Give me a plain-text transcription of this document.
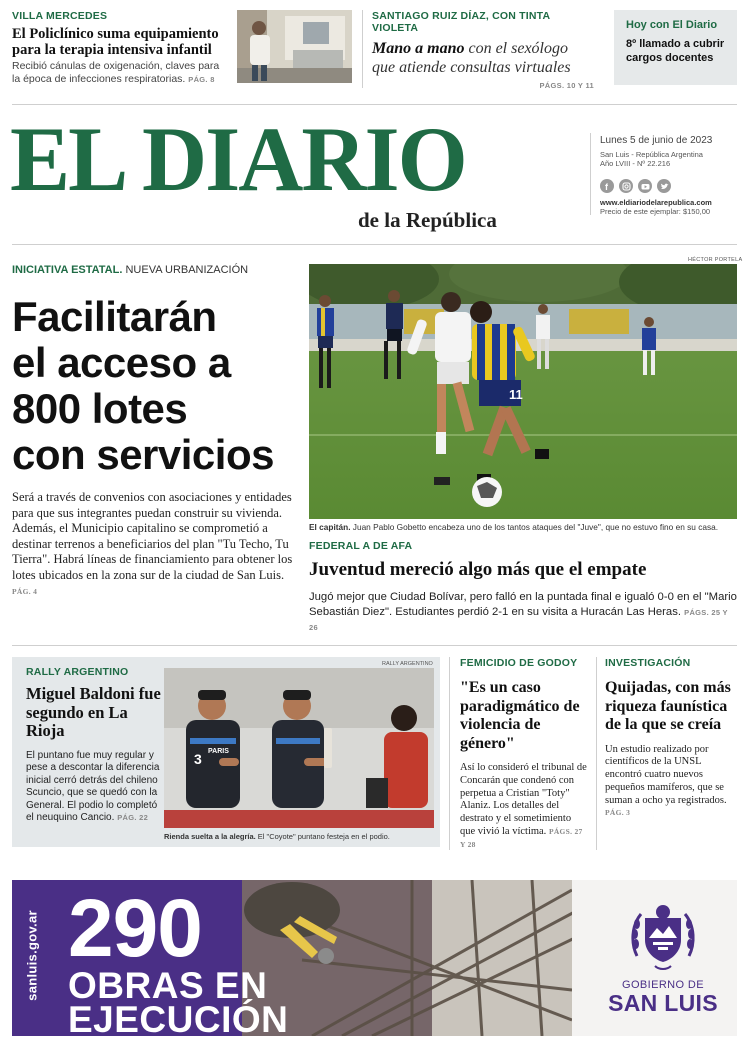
VILLA MERCEDES
El Policlínico suma equipamiento para la terapia intensiva infantil
Recibió cánulas de oxigenación, claves para la época de infecciones respiratorias. PÁG. 8
SANTIAGO RUIZ DÍAZ, CON TINTA VIOLETA
Mano a mano con el sexólogo que atiende consultas virtuales
PÁGS. 10 Y 11
Hoy con El Diario
8º llamado a cubrir cargos docentes
EL DIARIO
de la República
Lunes 5 de junio de 2023
San Luis - República Argentina
Año LVIII - Nº 22.216
f
www.eldiariodelarepublica.com
Precio de este ejemplar: $150,00
INICIATIVA ESTATAL. NUEVA URBANIZACIÓN
Facilitarán
el acceso a
800 lotes
con servicios
Será a través de convenios con asociaciones y entidades para que sus integrantes puedan construir su vivienda. Además, el Municipio capitalino se comprometió a destinar terrenos a beneficiarios del plan "Tu Techo, Tu Tierra". Habrá líneas de financiamiento para obtener los lotes ubicados en la zona sur de la ciudad de San Luis. PÁG. 4
HÉCTOR PORTELA
11
El capitán. Juan Pablo Gobetto encabeza uno de los tantos ataques del "Juve", que no estuvo fino en su casa.
FEDERAL A DE AFA
Juventud mereció algo más que el empate
Jugó mejor que Ciudad Bolívar, pero falló en la puntada final e igualó 0-0 en el "Mario Sebastián Diez". Estudiantes perdió 2-1 en su visita a Huracán Las Heras. PÁGS. 25 Y 26
RALLY ARGENTINO
Miguel Baldoni fue segundo en La Rioja
El puntano fue muy regular y pese a descontar la diferencia inicial cerró detrás del chileno Scuncio, que se quedó con la General. El podio lo completó el neuquino Cancio. PÁG. 22
RALLY ARGENTINO
3 PARIS
Rienda suelta a la alegría. El "Coyote" puntano festeja en el podio.
FEMICIDIO DE GODOY
"Es un caso paradigmático de violencia de género"
Así lo consideró el tribunal de Concarán que condenó con perpetua a Cristian "Toty" Alaniz. Los detalles del destrato y el sometimiento que vivió la víctima. PÁGS. 27 Y 28
INVESTIGACIÓN
Quijadas, con más riqueza faunística de la que se creía
Un estudio realizado por científicos de la UNSL encontró cuatro nuevos pequeños mamíferos, que se suman a ocho ya registrados.
PÁG. 3
sanluis.gov.ar 290
OBRAS EN
EJECUCIÓN
GOBIERNO DE
SAN LUIS
